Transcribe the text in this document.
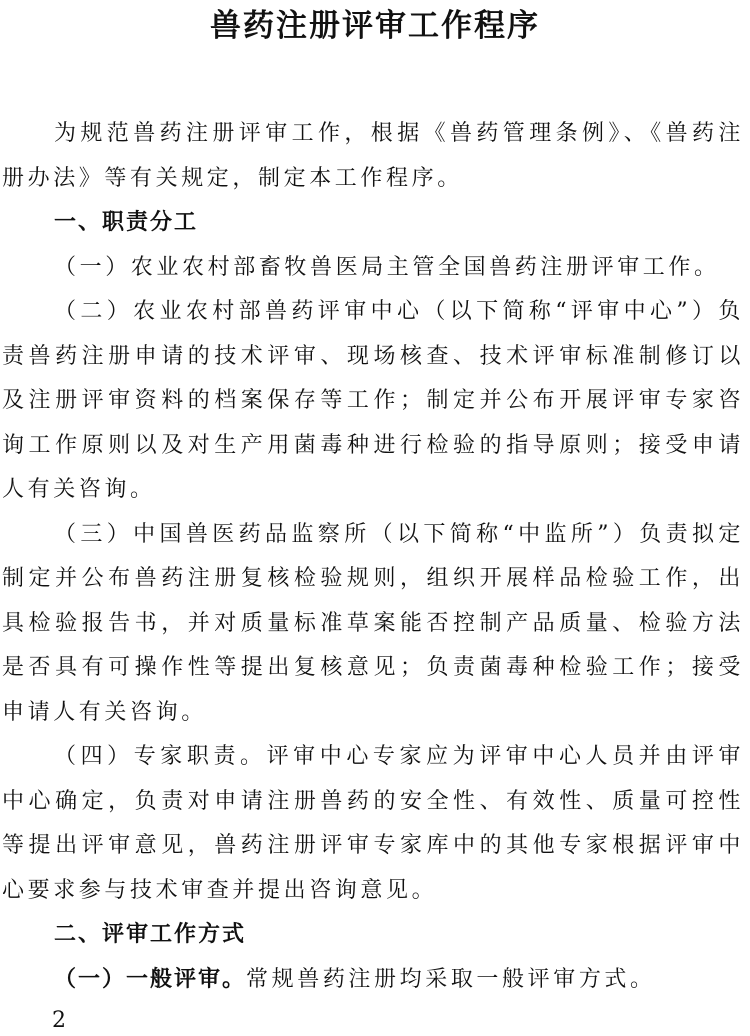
兽药注册评审工作程序

为规范兽药注册评审工作，根据《兽药管理条例》、《兽药注册办法》等有关规定，制定本工作程序。

一、职责分工

（一）农业农村部畜牧兽医局主管全国兽药注册评审工作。

（二）农业农村部兽药评审中心（以下简称“评审中心”）负责兽药注册申请的技术评审、现场核查、技术评审标准制修订以及注册评审资料的档案保存等工作；制定并公布开展评审专家咨询工作原则以及对生产用菌毒种进行检验的指导原则；接受申请人有关咨询。

（三）中国兽医药品监察所（以下简称“中监所”）负责拟定制定并公布兽药注册复核检验规则，组织开展样品检验工作，出具检验报告书，并对质量标准草案能否控制产品质量、检验方法是否具有可操作性等提出复核意见；负责菌毒种检验工作；接受申请人有关咨询。

（四）专家职责。评审中心专家应为评审中心人员并由评审中心确定，负责对申请注册兽药的安全性、有效性、质量可控性等提出评审意见，兽药注册评审专家库中的其他专家根据评审中心要求参与技术审查并提出咨询意见。

二、评审工作方式

（一）一般评审。常规兽药注册均采取一般评审方式。

2
